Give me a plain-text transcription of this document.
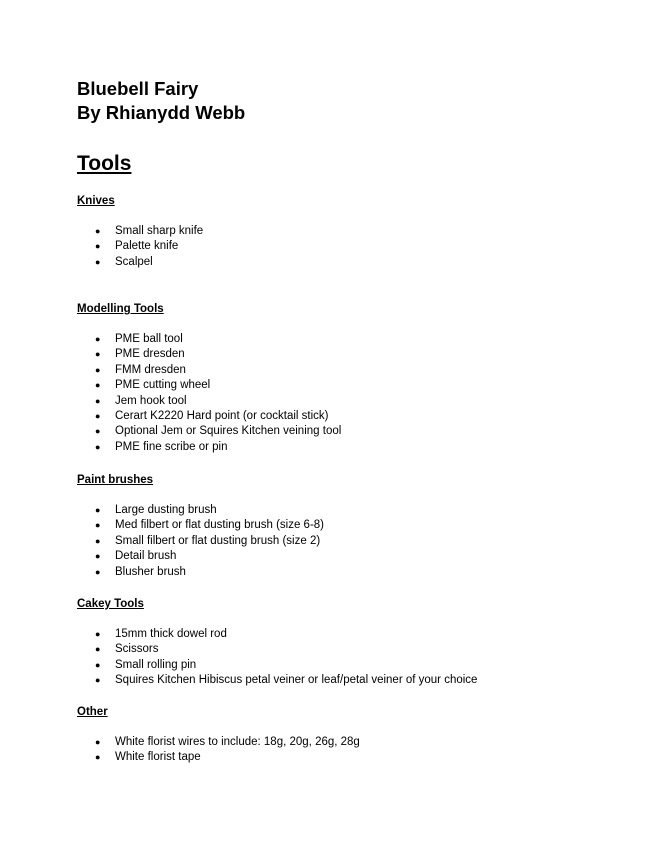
Bluebell Fairy

By Rhianydd Webb

Tools

Knives

● Small sharp knife
● Palette knife
● Scalpel

Modelling Tools

● PME ball tool
● PME dresden
● FMM dresden
● PME cutting wheel
● Jem hook tool
● Cerart K2220 Hard point (or cocktail stick)
● Optional Jem or Squires Kitchen veining tool
● PME fine scribe or pin

Paint brushes

● Large dusting brush
● Med filbert or flat dusting brush (size 6-8)
● Small filbert or flat dusting brush (size 2)
● Detail brush
● Blusher brush

Cakey Tools

● 15mm thick dowel rod
● Scissors
● Small rolling pin
● Squires Kitchen Hibiscus petal veiner or leaf/petal veiner of your choice

Other

● White florist wires to include: 18g, 20g, 26g, 28g
● White florist tape
